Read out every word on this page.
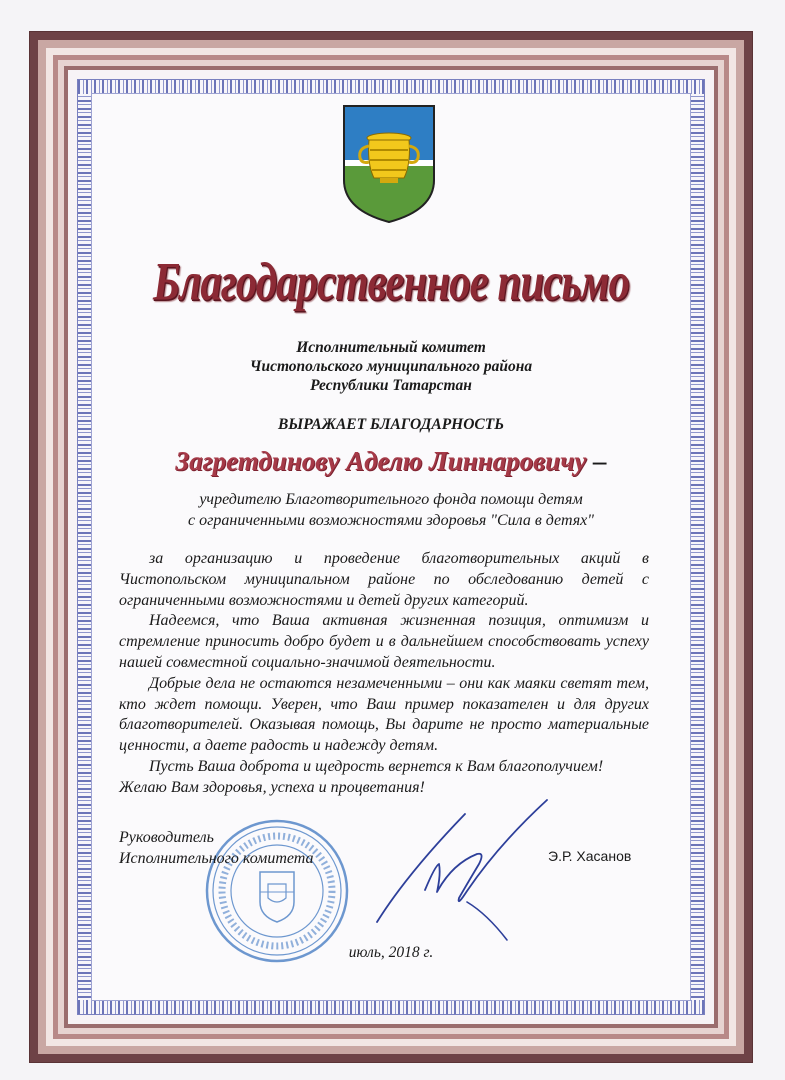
Благодарственное письмо
Исполнительный комитет
Чистопольского муниципального района
Республики Татарстан
ВЫРАЖАЕТ БЛАГОДАРНОСТЬ
Загретдинову Аделю Линнаровичу –
учредителю Благотворительного фонда помощи детям
с ограниченными возможностями здоровья "Сила в детях"

за организацию и проведение благотворительных акций в Чистопольском муниципальном районе по обследованию детей с ограниченными возможностями и детей других категорий.

Надеемся, что Ваша активная жизненная позиция, оптимизм и стремление приносить добро будет и в дальнейшем способствовать успеху нашей совместной социально-значимой деятельности.

Добрые дела не остаются незамеченными – они как маяки светят тем, кто ждет помощи. Уверен, что Ваш пример показателен и для других благотворителей. Оказывая помощь, Вы дарите не просто материальные ценности, а даете радость и надежду детям.

Пусть Ваша доброта и щедрость вернется к Вам благополучием!

Желаю Вам здоровья, успеха и процветания!

Руководитель
Исполнительного комитета	Э.Р. Хасанов
июль, 2018 г.
